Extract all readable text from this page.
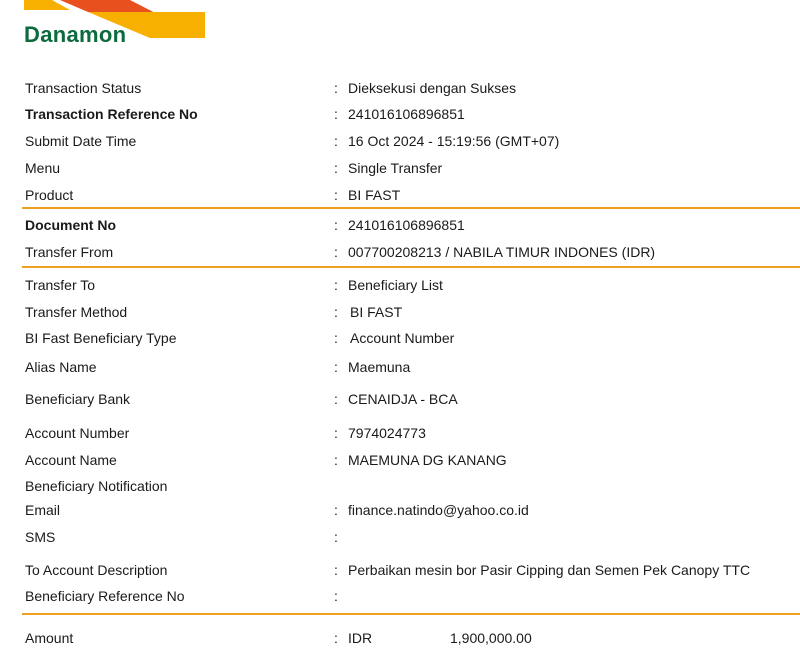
Danamon
Transaction Status	: Dieksekusi dengan Sukses
Transaction Reference No	: 241016106896851
Submit Date Time	: 16 Oct 2024 - 15:19:56 (GMT+07)
Menu	: Single Transfer
Product	: BI FAST
Document No	: 241016106896851
Transfer From	: 007700208213 / NABILA TIMUR INDONES (IDR)
Transfer To	: Beneficiary List
Transfer Method	: BI FAST
BI Fast Beneficiary Type	: Account Number
Alias Name	: Maemuna
Beneficiary Bank	: CENAIDJA - BCA
Account Number	: 7974024773
Account Name	: MAEMUNA DG KANANG
Beneficiary Notification
Email	: finance.natindo@yahoo.co.id
SMS	:
To Account Description	: Perbaikan mesin bor Pasir Cipping dan Semen Pek Canopy TTC
Beneficiary Reference No	:
Amount	: IDR	1,900,000.00
